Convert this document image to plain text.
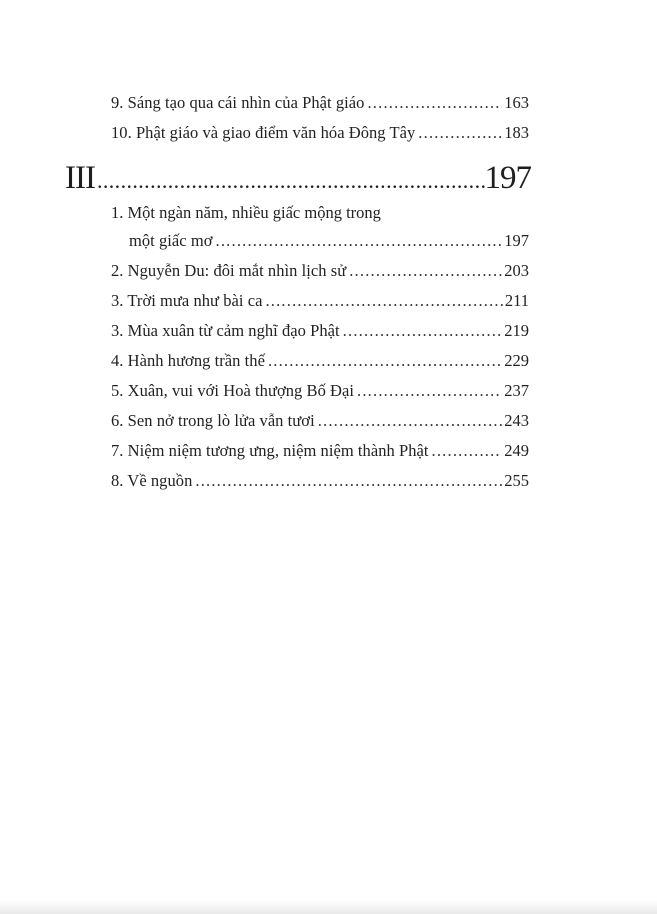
9. Sáng tạo qua cái nhìn của Phật giáo .....	163
10. Phật giáo và giao điểm văn hóa Đông Tây .....	183
III .....	197
1. Một ngàn năm, nhiều giấc mộng trong
một giấc mơ .....	197
2. Nguyễn Du: đôi mắt nhìn lịch sử .....	203
3. Trời mưa như bài ca .....	211
3. Mùa xuân từ cảm nghĩ đạo Phật .....	219
4. Hành hương trần thế .....	229
5. Xuân, vui với Hoà thượng Bố Đại .....	237
6. Sen nở trong lò lửa vẫn tươi .....	243
7. Niệm niệm tương ưng, niệm niệm thành Phật .....	249
8. Về nguồn .....	255
